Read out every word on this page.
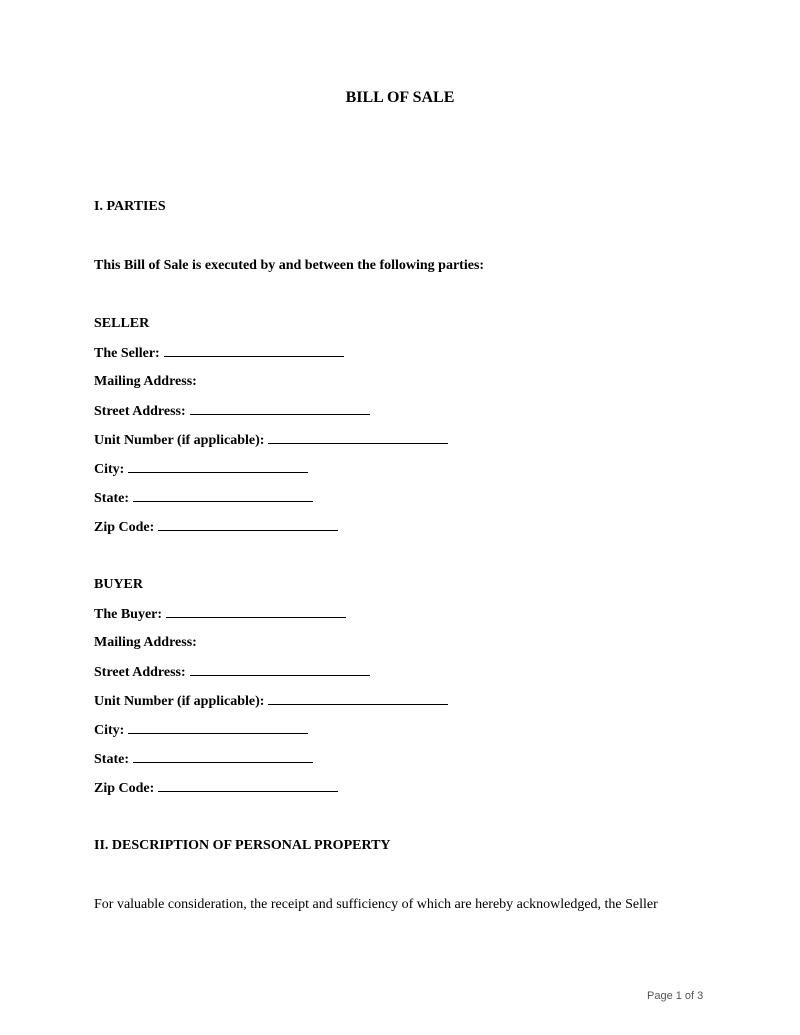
BILL OF SALE
I. PARTIES
This Bill of Sale is executed by and between the following parties:
SELLER
The Seller:
Mailing Address:
Street Address:
Unit Number (if applicable):
City:
State:
Zip Code:
BUYER
The Buyer:
Mailing Address:
Street Address:
Unit Number (if applicable):
City:
State:
Zip Code:
II. DESCRIPTION OF PERSONAL PROPERTY
For valuable consideration, the receipt and sufficiency of which are hereby acknowledged, the Seller
Page 1 of 3
